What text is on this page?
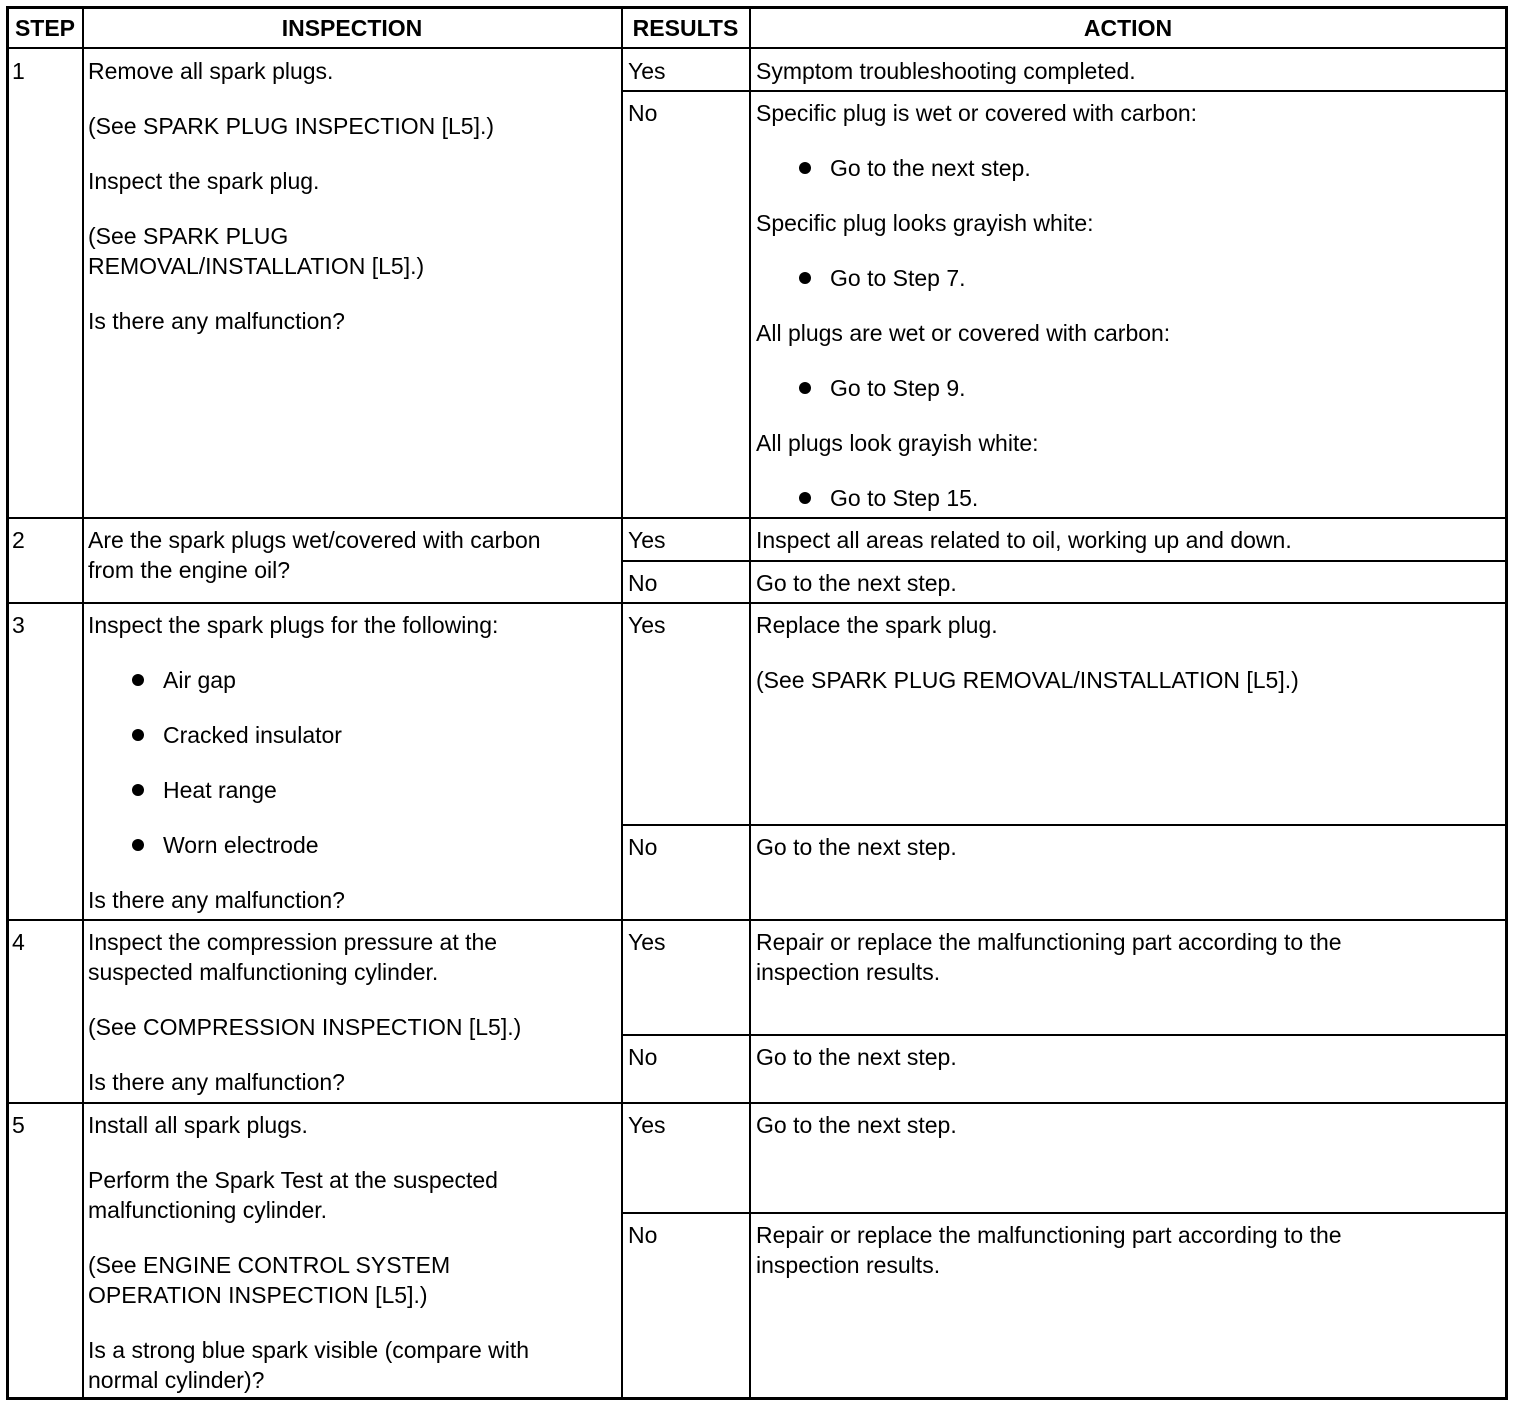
STEP	INSPECTION	RESULTS	ACTION
1	Remove all spark plugs.
(See SPARK PLUG INSPECTION [L5].)
Inspect the spark plug.
(See SPARK PLUG
REMOVAL/INSTALLATION [L5].)
Is there any malfunction?
Yes	Symptom troubleshooting completed.
No	Specific plug is wet or covered with carbon:
Go to the next step.
Specific plug looks grayish white:
Go to Step 7.
All plugs are wet or covered with carbon:
Go to Step 9.
All plugs look grayish white:
Go to Step 15.
2	Are the spark plugs wet/covered with carbon
from the engine oil?
Yes	Inspect all areas related to oil, working up and down.
No	Go to the next step.
3	Inspect the spark plugs for the following:
Air gap
Cracked insulator
Heat range
Worn electrode
Is there any malfunction?
Yes	Replace the spark plug.
(See SPARK PLUG REMOVAL/INSTALLATION [L5].)
No	Go to the next step.
4	Inspect the compression pressure at the
suspected malfunctioning cylinder.
(See COMPRESSION INSPECTION [L5].)
Is there any malfunction?
Yes	Repair or replace the malfunctioning part according to the
inspection results.
No	Go to the next step.
5	Install all spark plugs.
Perform the Spark Test at the suspected
malfunctioning cylinder.
(See ENGINE CONTROL SYSTEM
OPERATION INSPECTION [L5].)
Is a strong blue spark visible (compare with
normal cylinder)?
Yes	Go to the next step.
No	Repair or replace the malfunctioning part according to the
inspection results.
